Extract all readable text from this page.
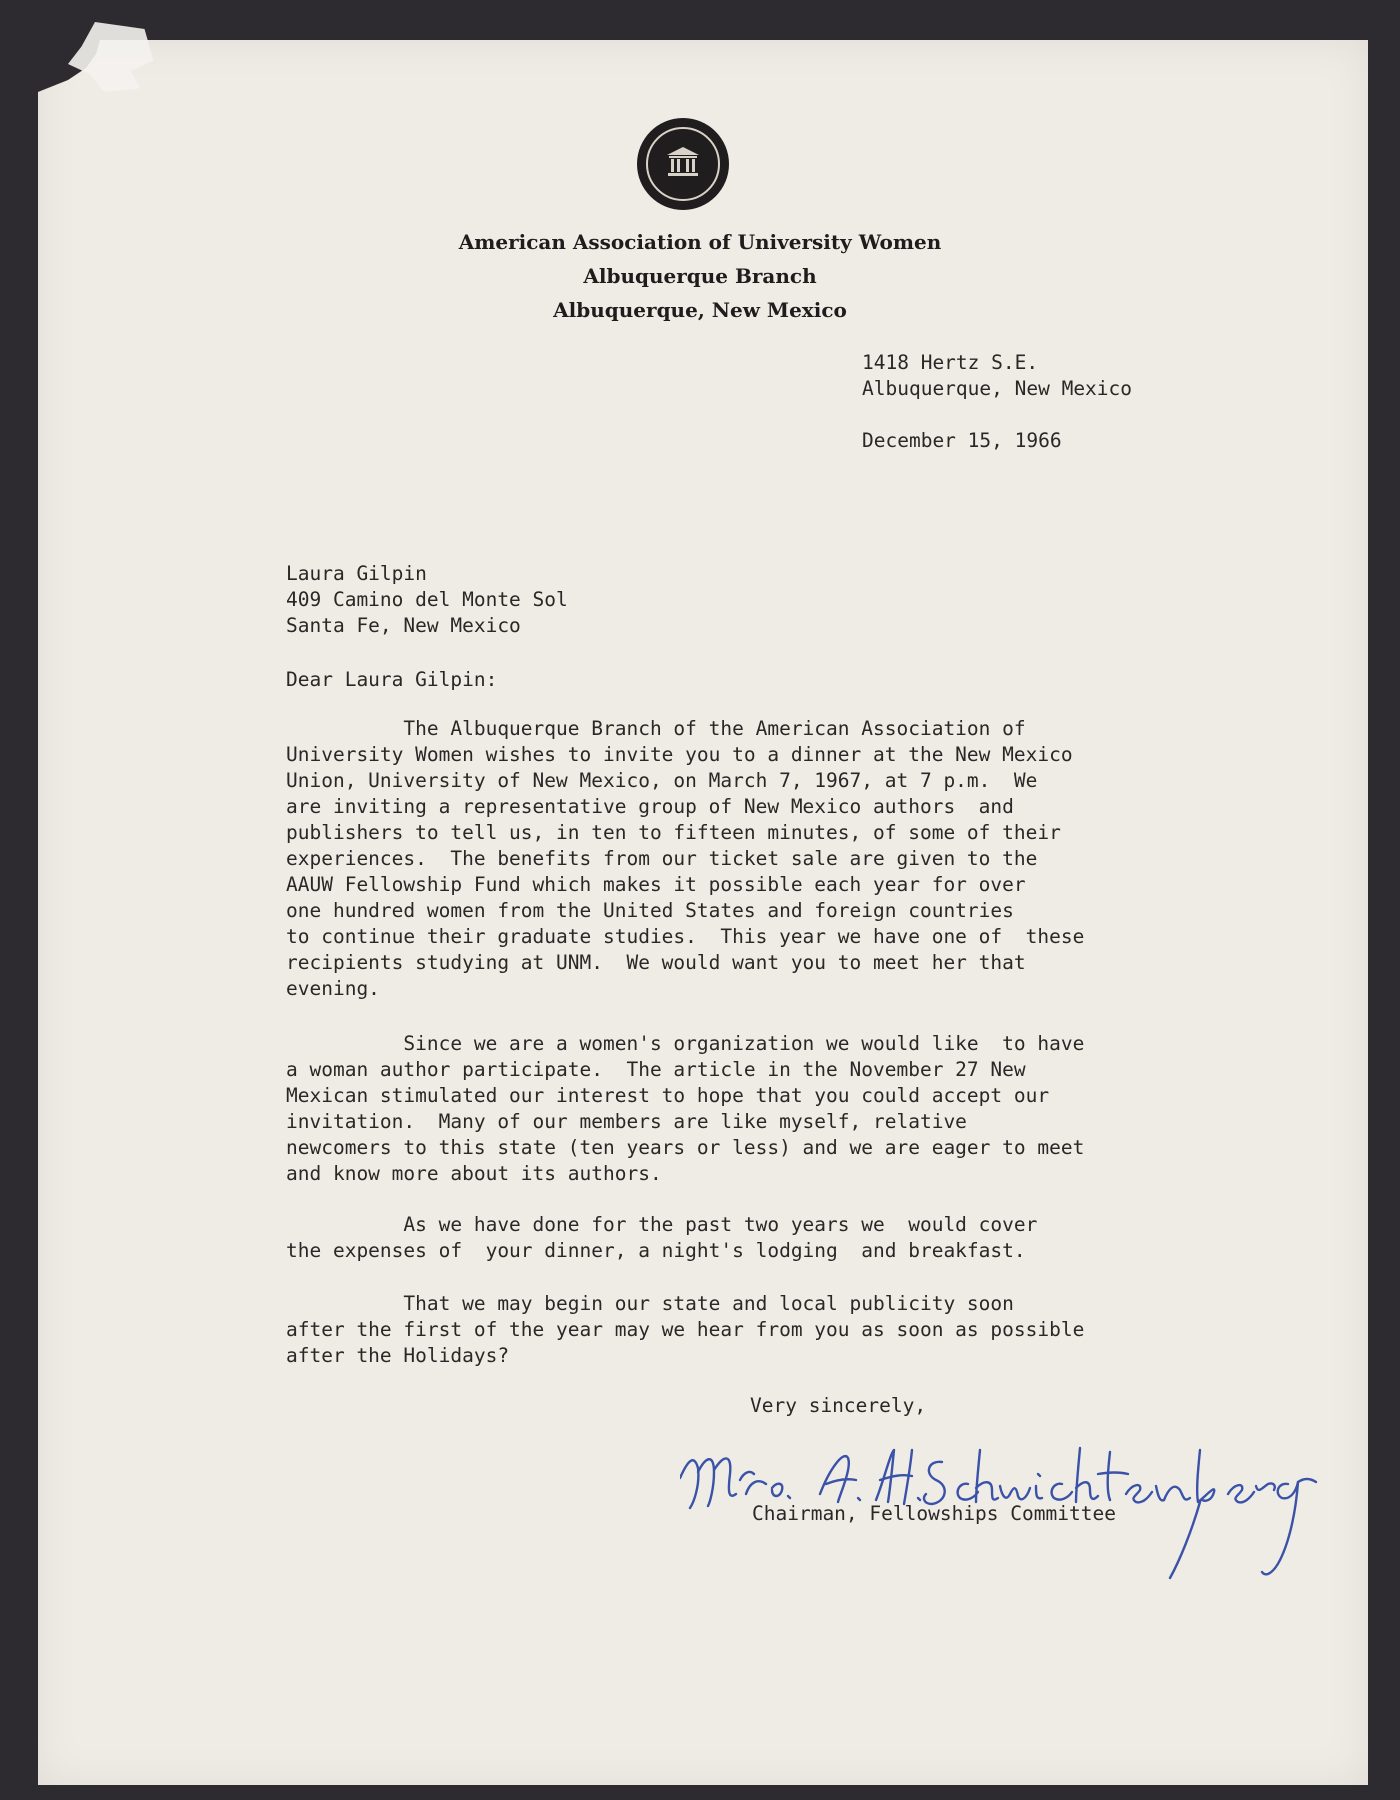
American Association of University Women
Albuquerque Branch
Albuquerque, New Mexico
1418 Hertz S.E.
Albuquerque, New Mexico
December 15, 1966
Laura Gilpin
409 Camino del Monte Sol
Santa Fe, New Mexico
Dear Laura Gilpin:
The Albuquerque Branch of the American Association of
University Women wishes to invite you to a dinner at the New Mexico
Union, University of New Mexico, on March 7, 1967, at 7 p.m.  We
are inviting a representative group of New Mexico authors  and
publishers to tell us, in ten to fifteen minutes, of some of their
experiences.  The benefits from our ticket sale are given to the
AAUW Fellowship Fund which makes it possible each year for over
one hundred women from the United States and foreign countries
to continue their graduate studies.  This year we have one of  these
recipients studying at UNM.  We would want you to meet her that
evening.
Since we are a women's organization we would like  to have
a woman author participate.  The article in the November 27 New
Mexican stimulated our interest to hope that you could accept our
invitation.  Many of our members are like myself, relative
newcomers to this state (ten years or less) and we are eager to meet
and know more about its authors.
As we have done for the past two years we  would cover
the expenses of  your dinner, a night's lodging  and breakfast.
That we may begin our state and local publicity soon
after the first of the year may we hear from you as soon as possible
after the Holidays?
Very sincerely,
Chairman, Fellowships Committee
